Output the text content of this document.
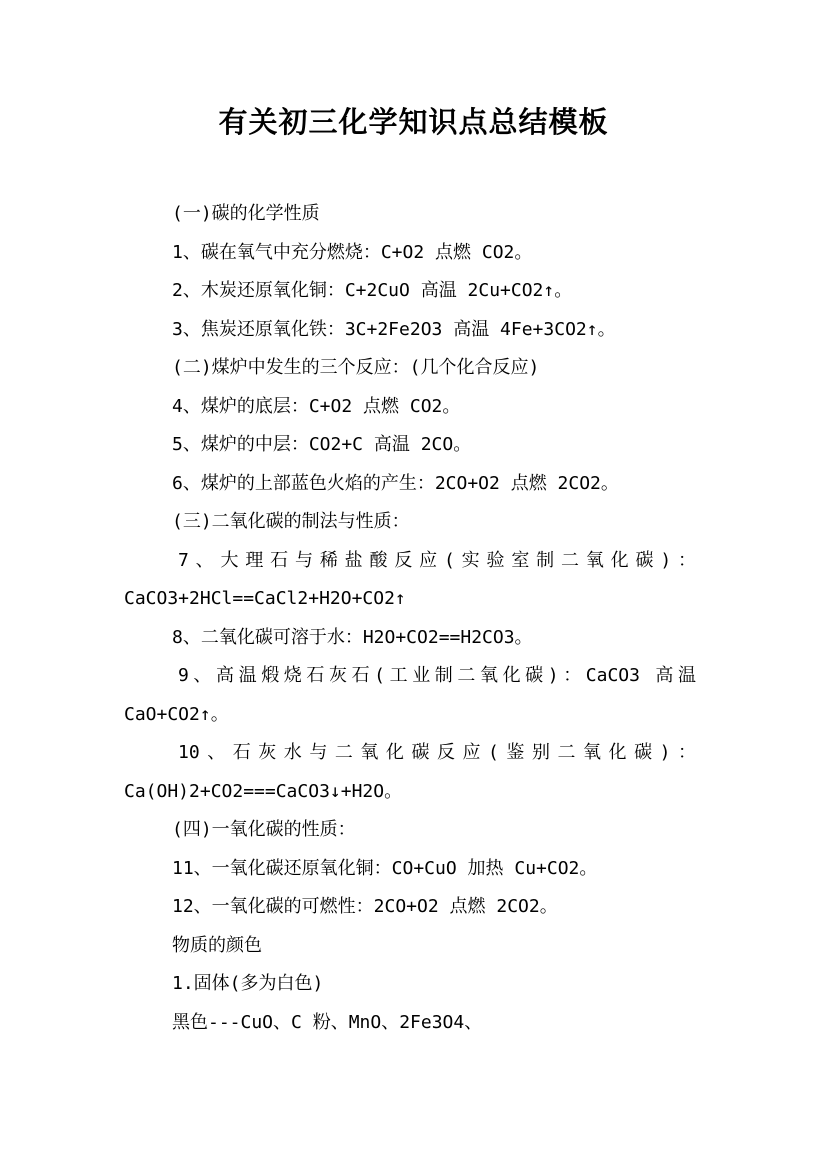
有关初三化学知识点总结模板
(一)碳的化学性质
1、碳在氧气中充分燃烧：C+O2 点燃 CO2。
2、木炭还原氧化铜：C+2CuO 高温 2Cu+CO2↑。
3、焦炭还原氧化铁：3C+2Fe2O3 高温 4Fe+3CO2↑。
(二)煤炉中发生的三个反应：(几个化合反应)
4、煤炉的底层：C+O2 点燃 CO2。
5、煤炉的中层：CO2+C 高温 2CO。
6、煤炉的上部蓝色火焰的产生：2CO+O2 点燃 2CO2。
(三)二氧化碳的制法与性质：
7、大理石与稀盐酸反应(实验室制二氧化碳)：
CaCO3+2HCl==CaCl2+H2O+CO2↑
8、二氧化碳可溶于水：H2O+CO2==H2CO3。
9、高温煅烧石灰石(工业制二氧化碳)：CaCO3 高温
CaO+CO2↑。
10、石灰水与二氧化碳反应(鉴别二氧化碳)：
Ca(OH)2+CO2===CaCO3↓+H2O。
(四)一氧化碳的性质：
11、一氧化碳还原氧化铜：CO+CuO 加热 Cu+CO2。
12、一氧化碳的可燃性：2CO+O2 点燃 2CO2。
物质的颜色
1.固体(多为白色)
黑色---CuO、C 粉、MnO、2Fe3O4、
